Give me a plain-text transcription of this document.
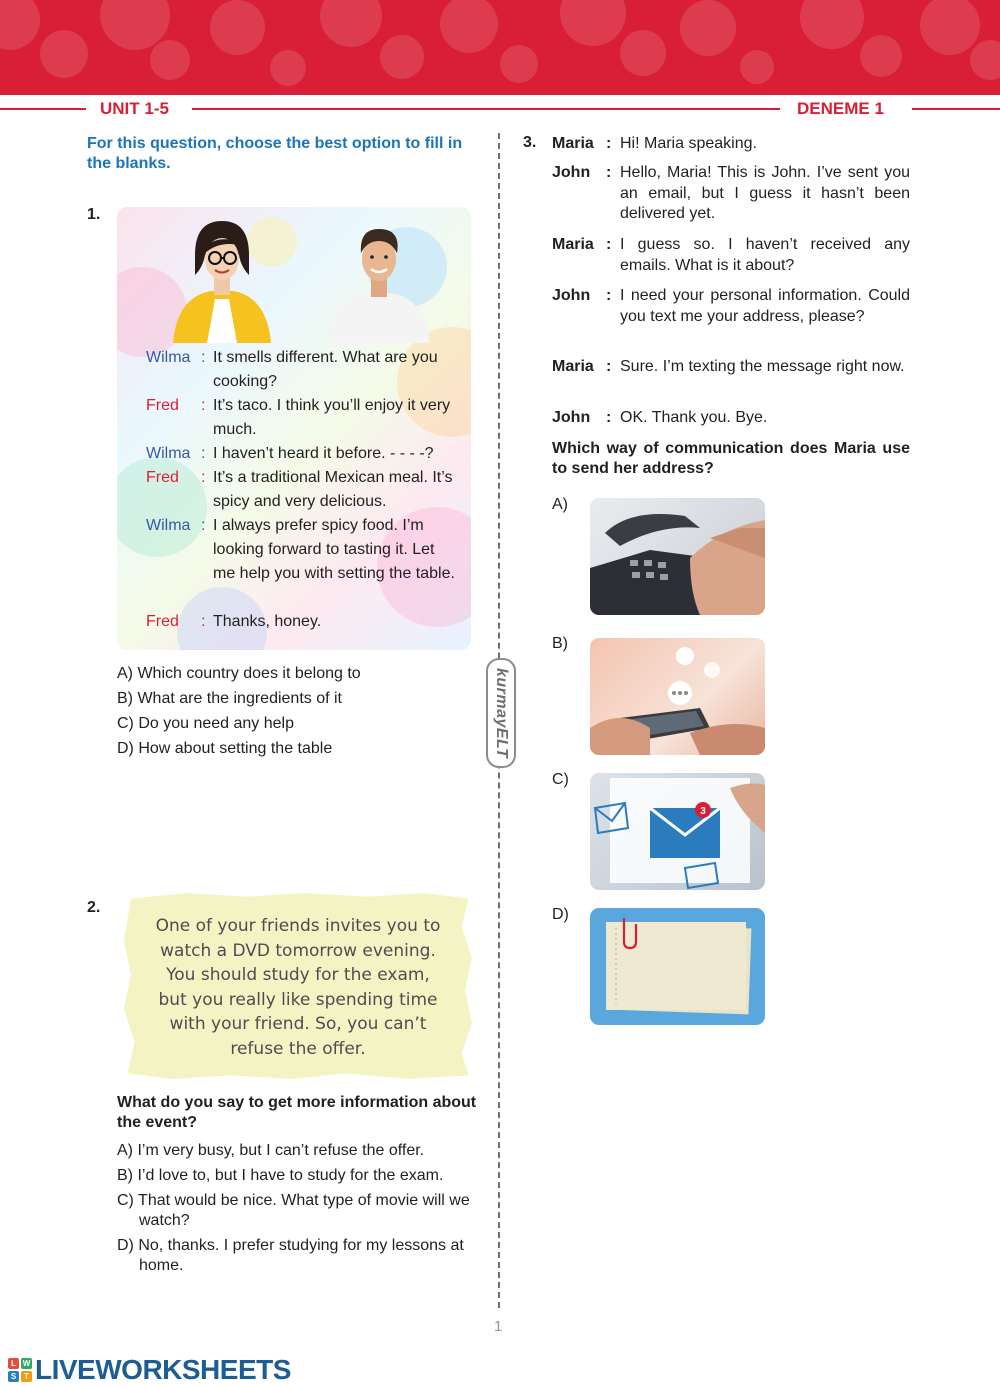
UNIT 1-5	DENEME 1
kurmayELT
For this question, choose the best option to fill in the blanks.
1.
Wilma : It smells different. What are you cooking?
Fred	: It’s taco. I think you’ll enjoy it very much.
Wilma : I haven’t heard it before. - - - -?
Fred	: It’s a traditional Mexican meal. It’s spicy and very delicious.
Wilma : I always prefer spicy food. I’m looking forward to tasting it. Let me help you with setting the table.
Fred	: Thanks, honey.
A) Which country does it belong to
B) What are the ingredients of it
C) Do you need any help
D) How about setting the table
2.
One of your friends invites you to watch a DVD tomorrow evening. You should study for the exam, but you really like spending time with your friend. So, you can’t refuse the offer.
What do you say to get more information about the event?
A) I’m very busy, but I can’t refuse the offer.
B) I’d love to, but I have to study for the exam.
C) That would be nice. What type of movie will we watch?
D) No, thanks. I prefer studying for my lessons at home.
3. Maria : Hi! Maria speaking.
John : Hello, Maria! This is John. I’ve sent you an email, but I guess it hasn’t been delivered yet.
Maria : I guess so. I haven’t received any emails. What is it about?
John : I need your personal information. Could you text me your address, please?
Maria : Sure. I’m texting the message right now.
John : OK. Thank you. Bye.
Which way of communication does Maria use to send her address?
A)
B)
C)
D)
3
1
L W
S T LIVEWORKSHEETS
